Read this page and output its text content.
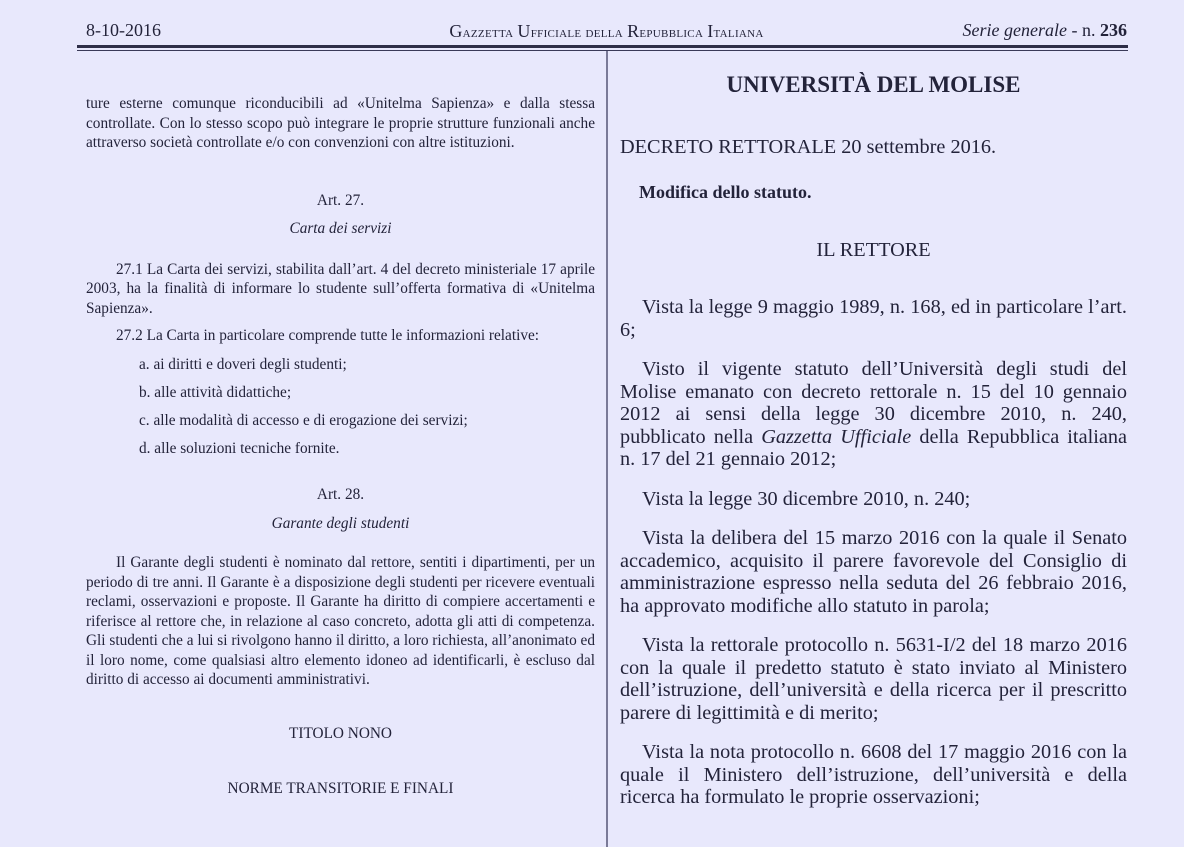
8-10-2016	Gazzetta Ufficiale della Repubblica Italiana	Serie generale - n. 236

ture esterne comunque riconducibili ad «Unitelma Sapienza» e dalla stessa controllate. Con lo stesso scopo può integrare le proprie strutture funzionali anche attraverso società controllate e/o con convenzioni con altre istituzioni.

Art. 27.

Carta dei servizi

27.1 La Carta dei servizi, stabilita dall’art. 4 del decreto ministeriale 17 aprile 2003, ha la finalità di informare lo studente sull’offerta formativa di «Unitelma Sapienza».

27.2 La Carta in particolare comprende tutte le informazioni relative:

a. ai diritti e doveri degli studenti;

b. alle attività didattiche;

c. alle modalità di accesso e di erogazione dei servizi;

d. alle soluzioni tecniche fornite.

Art. 28.

Garante degli studenti

Il Garante degli studenti è nominato dal rettore, sentiti i dipartimenti, per un periodo di tre anni. Il Garante è a disposizione degli studenti per ricevere eventuali reclami, osservazioni e proposte. Il Garante ha diritto di compiere accertamenti e riferisce al rettore che, in relazione al caso concreto, adotta gli atti di competenza. Gli studenti che a lui si rivolgono hanno il diritto, a loro richiesta, all’anonimato ed il loro nome, come qualsiasi altro elemento idoneo ad identificarli, è escluso dal diritto di accesso ai documenti amministrativi.

TITOLO NONO

NORME TRANSITORIE E FINALI

UNIVERSITÀ DEL MOLISE

DECRETO RETTORALE 20 settembre 2016.

Modifica dello statuto.

IL RETTORE

Vista la legge 9 maggio 1989, n. 168, ed in particolare l’art. 6;

Visto il vigente statuto dell’Università degli studi del Molise emanato con decreto rettorale n. 15 del 10 gennaio 2012 ai sensi della legge 30 dicembre 2010, n. 240, pubblicato nella Gazzetta Ufficiale della Repubblica italiana n. 17 del 21 gennaio 2012;

Vista la legge 30 dicembre 2010, n. 240;

Vista la delibera del 15 marzo 2016 con la quale il Senato accademico, acquisito il parere favorevole del Consiglio di amministrazione espresso nella seduta del 26 febbraio 2016, ha approvato modifiche allo statuto in parola;

Vista la rettorale protocollo n. 5631-I/2 del 18 marzo 2016 con la quale il predetto statuto è stato inviato al Ministero dell’istruzione, dell’università e della ricerca per il prescritto parere di legittimità e di merito;

Vista la nota protocollo n. 6608 del 17 maggio 2016 con la quale il Ministero dell’istruzione, dell’università e della ricerca ha formulato le proprie osservazioni;
